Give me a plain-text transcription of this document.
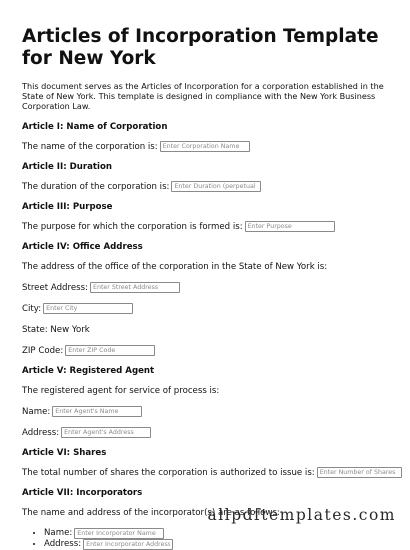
Articles of Incorporation Template for New York

This document serves as the Articles of Incorporation for a corporation established in the State of New York. This template is designed in compliance with the New York Business Corporation Law.

Article I: Name of Corporation
The name of the corporation is:
Enter Corporation Name
Article II: Duration
The duration of the corporation is:
Enter Duration (perpetual or specific)
Article III: Purpose
The purpose for which the corporation is formed is:
Enter Purpose
Article IV: Office Address
The address of the office of the corporation in the State of New York is:
Street Address:
Enter Street Address
City:
Enter City
State: New York
ZIP Code:
Enter ZIP Code
Article V: Registered Agent
The registered agent for service of process is:
Name:
Enter Agent's Name
Address:
Enter Agent's Address
Article VI: Shares
The total number of shares the corporation is authorized to issue is:
Enter Number of Shares
Article VII: Incorporators
The name and address of the incorporator(s) are as follows:
• Name:
Enter Incorporator Name
• Address:
Enter Incorporator Address
allpdftemplates.com
